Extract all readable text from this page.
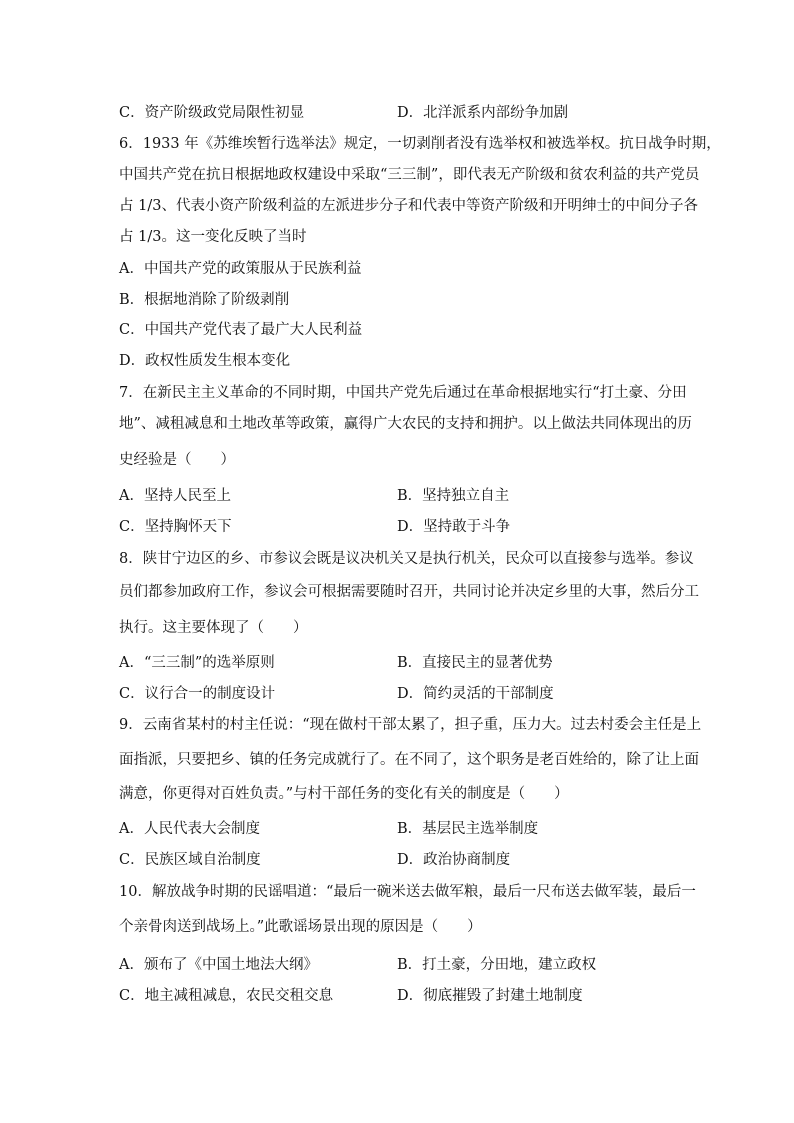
C．资产阶级政党局限性初显	D．北洋派系内部纷争加剧
6．1933 年《苏维埃暂行选举法》规定，一切剥削者没有选举权和被选举权。抗日战争时期，
中国共产党在抗日根据地政权建设中采取“三三制”，即代表无产阶级和贫农利益的共产党员
占 1/3、代表小资产阶级利益的左派进步分子和代表中等资产阶级和开明绅士的中间分子各
占 1/3。这一变化反映了当时
A．中国共产党的政策服从于民族利益
B．根据地消除了阶级剥削
C．中国共产党代表了最广大人民利益
D．政权性质发生根本变化
7．在新民主主义革命的不同时期，中国共产党先后通过在革命根据地实行“打土豪、分田
地”、减租减息和土地改革等政策，赢得广大农民的支持和拥护。以上做法共同体现出的历
史经验是（　　）
A．坚持人民至上	B．坚持独立自主
C．坚持胸怀天下	D．坚持敢于斗争
8．陕甘宁边区的乡、市参议会既是议决机关又是执行机关，民众可以直接参与选举。参议
员们都参加政府工作，参议会可根据需要随时召开，共同讨论并决定乡里的大事，然后分工
执行。这主要体现了（　　）
A．“三三制”的选举原则	B．直接民主的显著优势
C．议行合一的制度设计	D．简约灵活的干部制度
9．云南省某村的村主任说：“现在做村干部太累了，担子重，压力大。过去村委会主任是上
面指派，只要把乡、镇的任务完成就行了。在不同了，这个职务是老百姓给的，除了让上面
满意，你更得对百姓负责。”与村干部任务的变化有关的制度是（　　）
A．人民代表大会制度	B．基层民主选举制度
C．民族区域自治制度	D．政治协商制度
10．解放战争时期的民谣唱道：“最后一碗米送去做军粮，最后一尺布送去做军装，最后一
个亲骨肉送到战场上。”此歌谣场景出现的原因是（　　）
A．颁布了《中国土地法大纲》	B．打土豪，分田地，建立政权
C．地主减租减息，农民交租交息	D．彻底摧毁了封建土地制度
